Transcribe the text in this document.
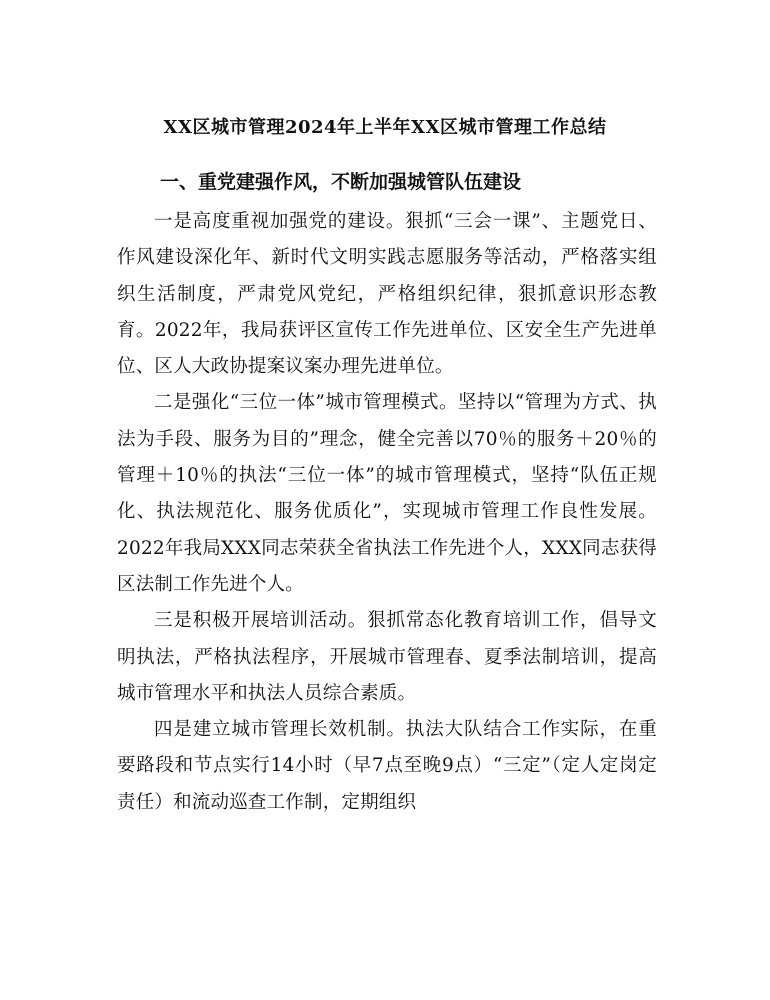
XX区城市管理2024年上半年XX区城市管理工作总结
一、重党建强作风，不断加强城管队伍建设

一是高度重视加强党的建设。狠抓“三会一课”、主题党日、作风建设深化年、新时代文明实践志愿服务等活动，严格落实组织生活制度，严肃党风党纪，严格组织纪律，狠抓意识形态教育。2022年，我局获评区宣传工作先进单位、区安全生产先进单位、区人大政协提案议案办理先进单位。

二是强化“三位一体”城市管理模式。坚持以“管理为方式、执法为手段、服务为目的”理念，健全完善以70％的服务＋20％的管理＋10％的执法“三位一体”的城市管理模式，坚持“队伍正规化、执法规范化、服务优质化”，实现城市管理工作良性发展。2022年我局XXX同志荣获全省执法工作先进个人，XXX同志获得区法制工作先进个人。

三是积极开展培训活动。狠抓常态化教育培训工作，倡导文明执法，严格执法程序，开展城市管理春、夏季法制培训，提高城市管理水平和执法人员综合素质。

四是建立城市管理长效机制。执法大队结合工作实际，在重要路段和节点实行14小时（早7点至晚9点）“三定”（定人定岗定责任）和流动巡查工作制，定期组织
